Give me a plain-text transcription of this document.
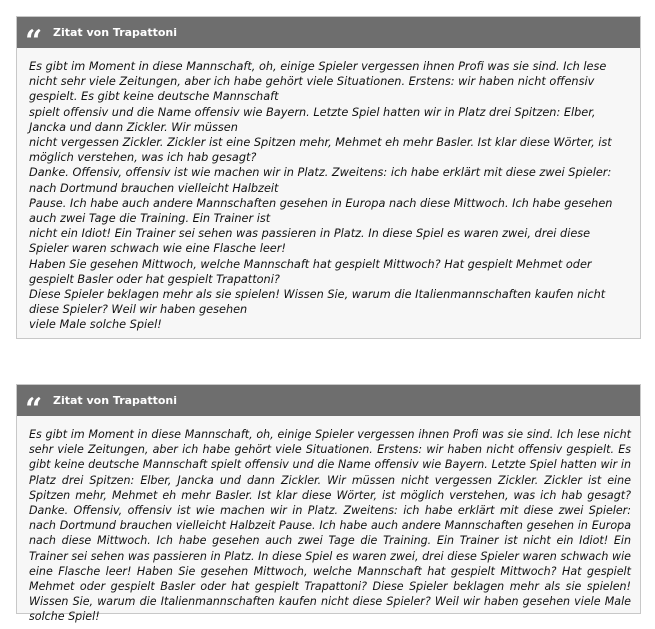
“	Zitat von Trapattoni

Es gibt im Moment in diese Mannschaft, oh, einige Spieler vergessen ihnen Profi was sie sind. Ich lese nicht sehr viele Zeitungen, aber ich habe gehört viele Situationen. Erstens: wir haben nicht offensiv gespielt. Es gibt keine deutsche Mannschaft

spielt offensiv und die Name offensiv wie Bayern. Letzte Spiel hatten wir in Platz drei Spitzen: Elber, Jancka und dann Zickler. Wir müssen

nicht vergessen Zickler. Zickler ist eine Spitzen mehr, Mehmet eh mehr Basler. Ist klar diese Wörter, ist möglich verstehen, was ich hab gesagt?

Danke. Offensiv, offensiv ist wie machen wir in Platz. Zweitens: ich habe erklärt mit diese zwei Spieler: nach Dortmund brauchen vielleicht Halbzeit

Pause. Ich habe auch andere Mannschaften gesehen in Europa nach diese Mittwoch. Ich habe gesehen auch zwei Tage die Training. Ein Trainer ist

nicht ein Idiot! Ein Trainer sei sehen was passieren in Platz. In diese Spiel es waren zwei, drei diese Spieler waren schwach wie eine Flasche leer!

Haben Sie gesehen Mittwoch, welche Mannschaft hat gespielt Mittwoch? Hat gespielt Mehmet oder gespielt Basler oder hat gespielt Trapattoni?

Diese Spieler beklagen mehr als sie spielen! Wissen Sie, warum die Italienmannschaften kaufen nicht diese Spieler? Weil wir haben gesehen

viele Male solche Spiel!

“	Zitat von Trapattoni
Es gibt im Moment in diese Mannschaft, oh, einige Spieler vergessen ihnen Profi was sie sind. Ich lese nicht sehr viele Zeitungen, aber ich habe gehört viele Situationen. Erstens: wir haben nicht offensiv gespielt. Es gibt keine deutsche Mannschaft spielt offensiv und die Name offensiv wie Bayern. Letzte Spiel hatten wir in Platz drei Spitzen: Elber, Jancka und dann Zickler. Wir müssen nicht vergessen Zickler. Zickler ist eine Spitzen mehr, Mehmet eh mehr Basler. Ist klar diese Wörter, ist möglich verstehen, was ich hab gesagt? Danke. Offensiv, offensiv ist wie machen wir in Platz. Zweitens: ich habe erklärt mit diese zwei Spieler: nach Dortmund brauchen vielleicht Halbzeit Pause. Ich habe auch andere Mannschaften gesehen in Europa nach diese Mittwoch. Ich habe gesehen auch zwei Tage die Training. Ein Trainer ist nicht ein Idiot! Ein Trainer sei sehen was passieren in Platz. In diese Spiel es waren zwei, drei diese Spieler waren schwach wie eine Flasche leer! Haben Sie gesehen Mittwoch, welche Mannschaft hat gespielt Mittwoch? Hat gespielt Mehmet oder gespielt Basler oder hat gespielt Trapattoni? Diese Spieler beklagen mehr als sie spielen! Wissen Sie, warum die Italienmannschaften kaufen nicht diese Spieler? Weil wir haben gesehen viele Male solche Spiel!
